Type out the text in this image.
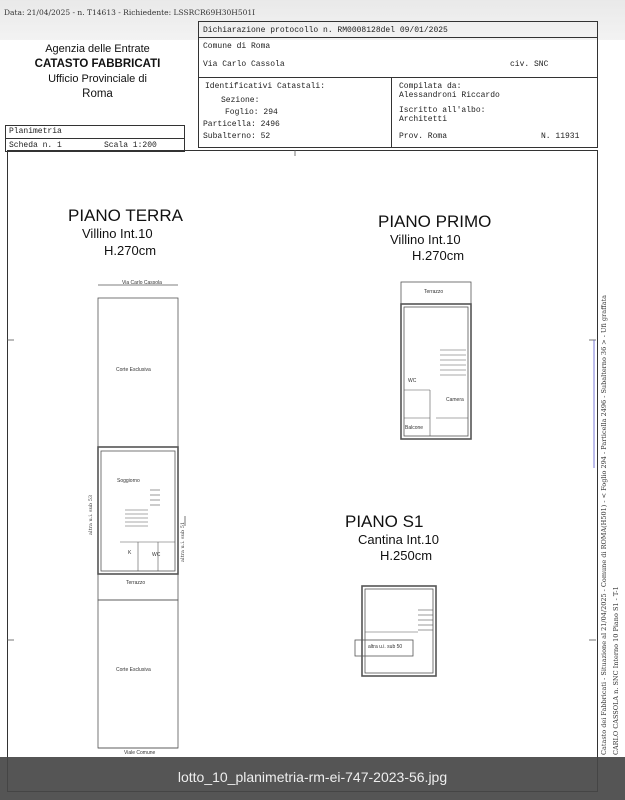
Data: 21/04/2025 - n. T14613 - Richiedente: LSSRCR69H30H501I
Agenzia delle Entrate
CATASTO FABBRICATI
Ufficio Provinciale di
Roma
Dichiarazione protocollo n. RM0008128del 09/01/2025
Comune di Roma
Via Carlo Cassola	civ. SNC
Identificativi Catastali:
Sezione:
Foglio: 294
Particella: 2496
Subalterno: 52
Compilata da:
Alessandroni Riccardo
Iscritto all'albo:
Architetti
Prov. Roma	N. 11931
Planimetria
Scheda n. 1	Scala 1:200
PIANO TERRA
Villino Int.10
H.270cm
PIANO PRIMO
Villino Int.10
H.270cm
PIANO S1
Cantina Int.10
H.250cm
Via Carlo Cassola
Corte Esclusiva
Soggiorno
K	WC
Terrazzo
Corte Esclusiva
Viale Comune
altra u.i. sub 53
altra u.i. sub 51
Terrazzo
WC
Camera
Balcone
altra u.i. sub 50	Catasto dei Fabbricati - Situazione al 21/04/2025 - Comune di ROMA(H501) - < Foglio 294 - Particella 2496 - Subalterno 36 > - Ufi graffata CARLO CASSOLA n. SNC Interno 10 Piano S1 - T-1
lotto_10_planimetria-rm-ei-747-2023-56.jpg
